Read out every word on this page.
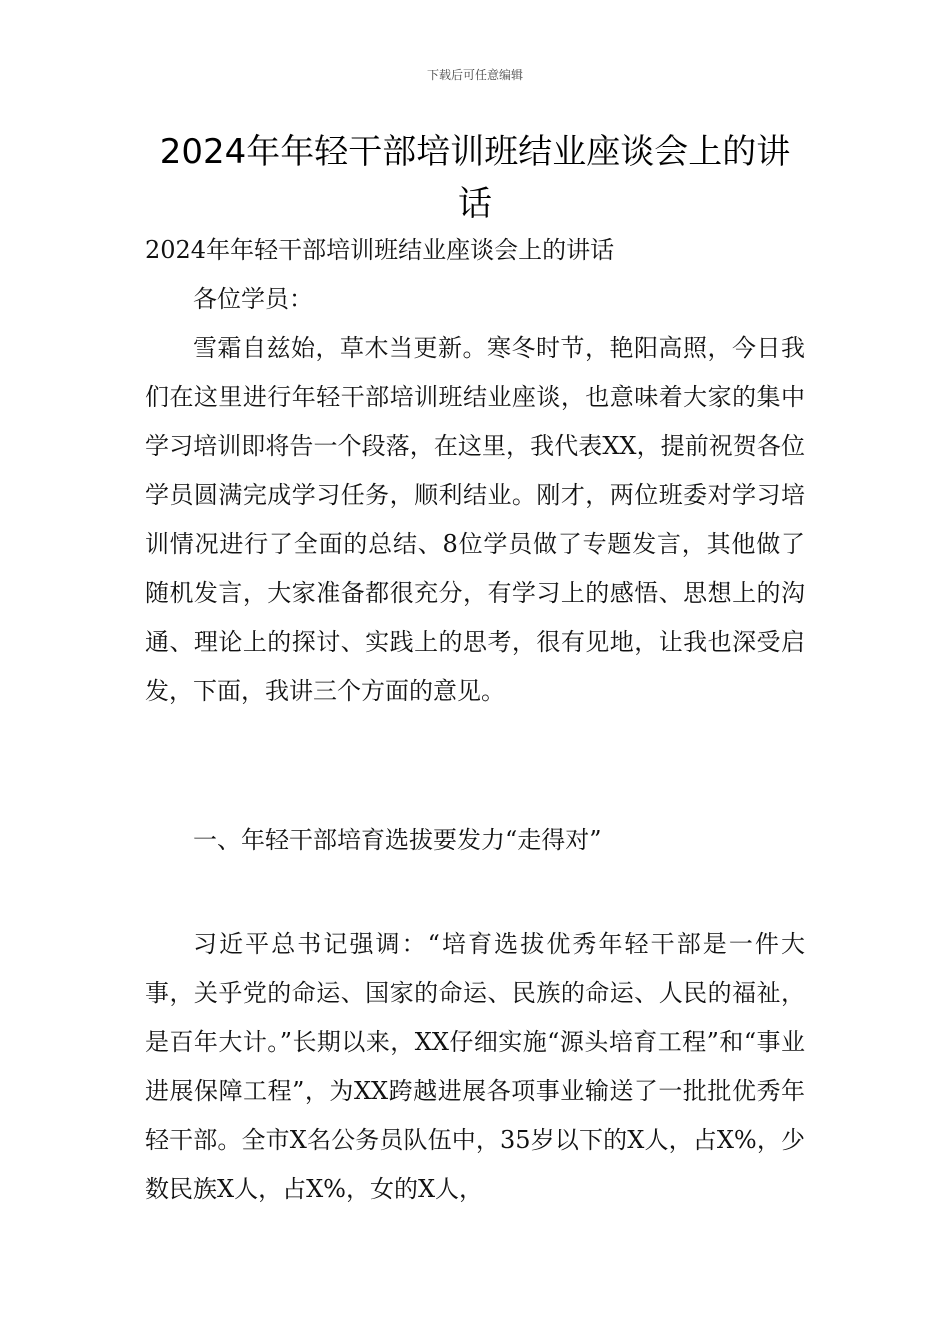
下载后可任意编辑
2024年年轻干部培训班结业座谈会上的讲话

2024年年轻干部培训班结业座谈会上的讲话

各位学员：

雪霜自兹始，草木当更新。寒冬时节，艳阳高照，今日我们在这里进行年轻干部培训班结业座谈，也意味着大家的集中学习培训即将告一个段落，在这里，我代表XX，提前祝贺各位学员圆满完成学习任务，顺利结业。刚才，两位班委对学习培训情况进行了全面的总结、8位学员做了专题发言，其他做了随机发言，大家准备都很充分，有学习上的感悟、思想上的沟通、理论上的探讨、实践上的思考，很有见地，让我也深受启发，下面，我讲三个方面的意见。

一、年轻干部培育选拔要发力“走得对”

习近平总书记强调：“培育选拔优秀年轻干部是一件大事，关乎党的命运、国家的命运、民族的命运、人民的福祉，是百年大计。”长期以来，XX仔细实施“源头培育工程”和“事业进展保障工程”，为XX跨越进展各项事业输送了一批批优秀年轻干部。全市X名公务员队伍中，35岁以下的X人，占X%，少数民族X人，占X%，女的X人，
